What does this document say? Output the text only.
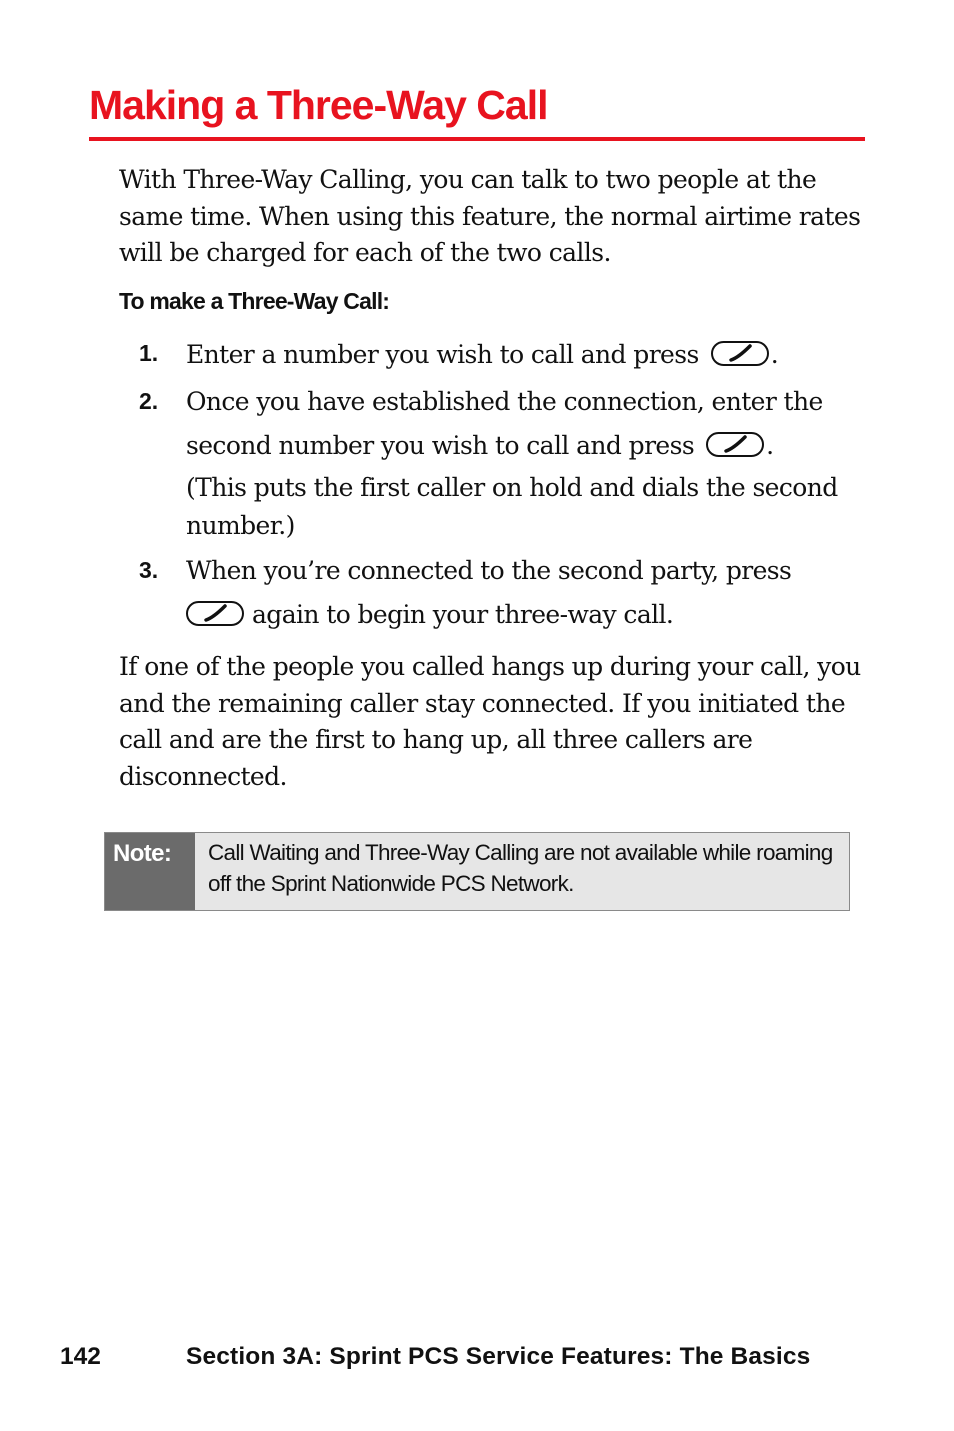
Making a Three-Way Call

With Three-Way Calling, you can talk to two people at the same time. When using this feature, the normal airtime rates will be charged for each of the two calls.

To make a Three-Way Call:

1. Enter a number you wish to call and press	.
2. Once you have established the connection, enter the
second number you wish to call and press	.
(This puts the first caller on hold and dials the second
number.)
3. When you’re connected to the second party, press
again to begin your three-way call.

If one of the people you called hangs up during your call, you and the remaining caller stay connected. If you initiated the call and are the first to hang up, all three callers are disconnected.

Note:	Call Waiting and Three-Way Calling are not available while roaming off the Sprint Nationwide PCS Network.
142	Section 3A: Sprint PCS Service Features: The Basics
